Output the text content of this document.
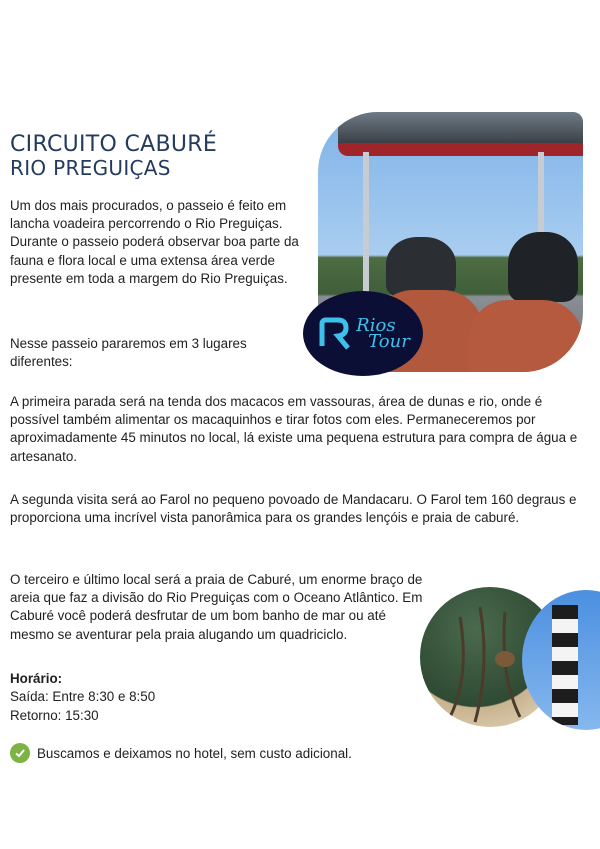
CIRCUITO CABURÉ
RIO PREGUIÇAS

Um dos mais procurados, o passeio é feito em lancha voadeira percorrendo o Rio Preguiças. Durante o passeio poderá observar boa parte da fauna e flora local e uma extensa área verde presente em toda a margem do Rio Preguiças.

Nesse passeio pararemos em 3 lugares diferentes:

A primeira parada será na tenda dos macacos em vassouras, área de dunas e rio, onde é possível também alimentar os macaquinhos e tirar fotos com eles. Permaneceremos por aproximadamente 45 minutos no local, lá existe uma pequena estrutura para compra de água e artesanato.

A segunda visita será ao Farol no pequeno povoado de Mandacaru. O Farol tem 160 degraus e proporciona uma incrível vista panorâmica para os grandes lençóis e praia de caburé.

O terceiro e último local será a praia de Caburé, um enorme braço de areia que faz a divisão do Rio Preguiças com o Oceano Atlântico. Em Caburé você poderá desfrutar de um bom banho de mar ou até mesmo se aventurar pela praia alugando um quadriciclo.

Horário:
Saída: Entre 8:30 e 8:50
Retorno: 15:30
Buscamos e deixamos no hotel, sem custo adicional.
Rios
Tour
